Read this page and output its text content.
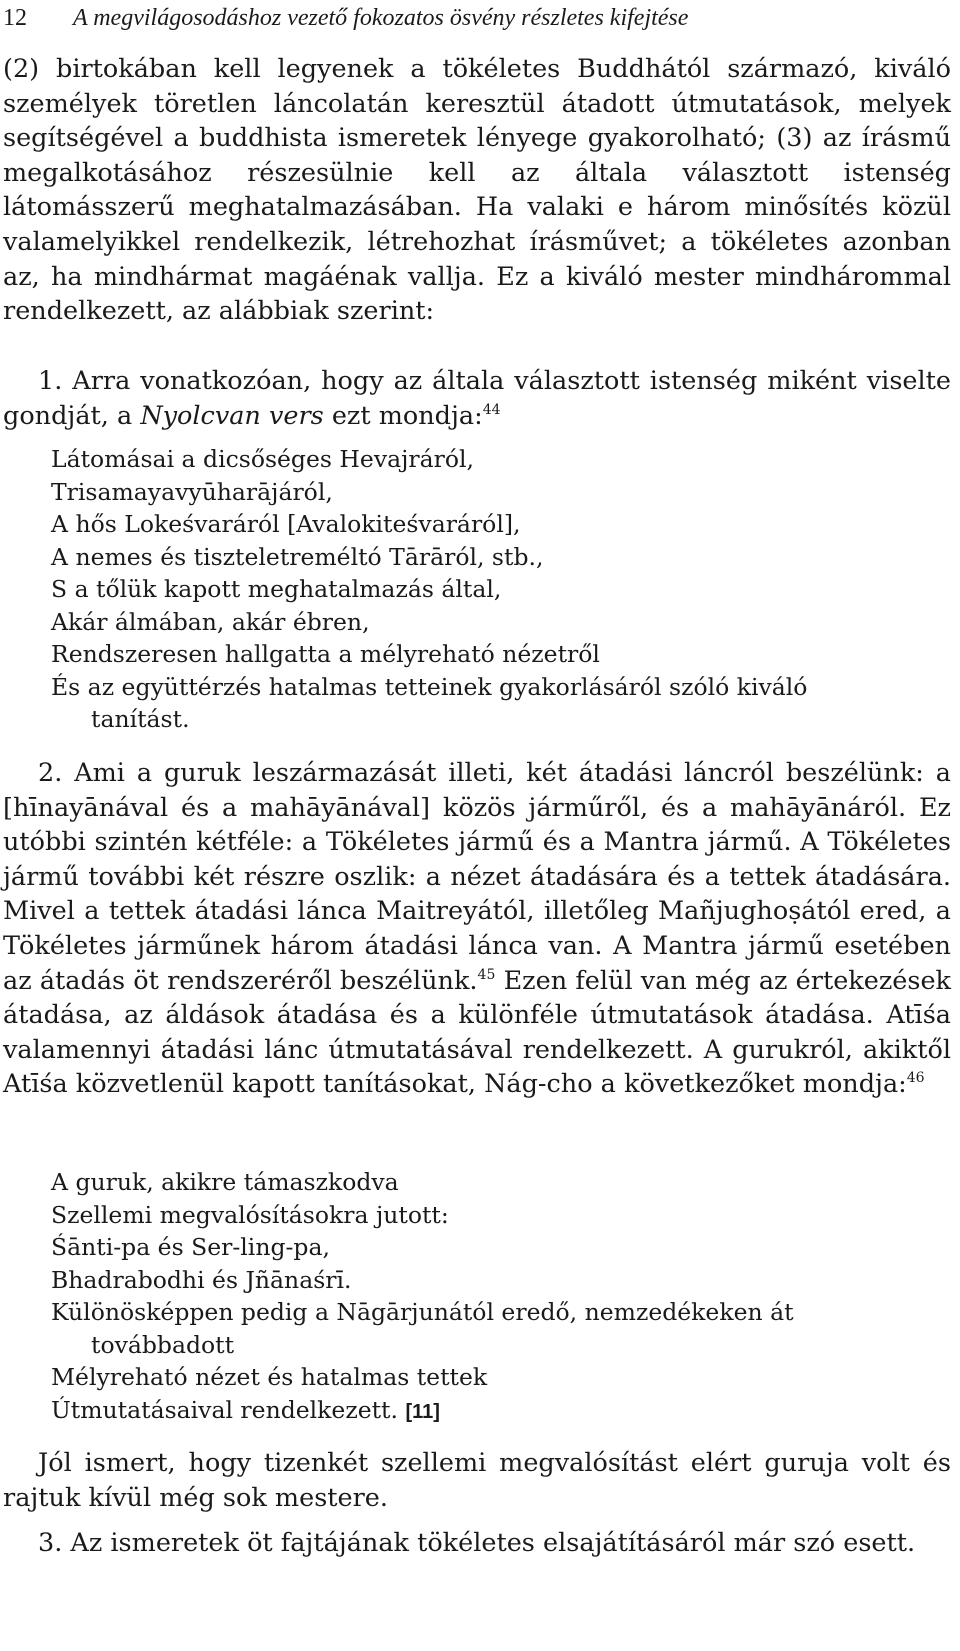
12 A megvilágosodáshoz vezető fokozatos ösvény részletes kifejtése

(2) birtokában kell legyenek a tökéletes Buddhától származó, kiváló személyek töretlen láncolatán keresztül átadott útmutatások, melyek segítségével a buddhista ismeretek lényege gyakorolható; (3) az írásmű megalkotásához részesülnie kell az általa választott istenség látomásszerű meghatalmazásában. Ha valaki e három minősítés közül valamelyikkel rendelkezik, létrehozhat írásművet; a tökéletes azonban az, ha mindhármat magáénak vallja. Ez a kiváló mester mindhárommal rendelkezett, az alábbiak szerint:

1. Arra vonatkozóan, hogy az általa választott istenség miként viselte gondját, a Nyolcvan vers ezt mondja:$^{44}$

Látomásai a dicsőséges Hevajráról,
Trisamayavyūharājáról,
A hős Lokeśvaráról [Avalokiteśvaráról],
A nemes és tiszteletreméltó Tārāról, stb.,
S a tőlük kapott meghatalmazás által,
Akár álmában, akár ébren,
Rendszeresen hallgatta a mélyreható nézetről
És az együttérzés hatalmas tetteinek gyakorlásáról szóló kiváló tanítást.

2. Ami a guruk leszármazását illeti, két átadási láncról beszélünk: a [hīnayānával és a mahāyānával] közös járműről, és a mahāyānáról. Ez utóbbi szintén kétféle: a Tökéletes jármű és a Mantra jármű. A Tökéletes jármű további két részre oszlik: a nézet átadására és a tettek átadására. Mivel a tettek átadási lánca Maitreyától, illetőleg Mañjughoṣától ered, a Tökéletes járműnek három átadási lánca van. A Mantra jármű esetében az átadás öt rendszeréről beszélünk.$^{45}$ Ezen felül van még az értekezések átadása, az áldások átadása és a különféle útmutatások átadása. Atīśa valamennyi átadási lánc útmutatásával rendelkezett. A gurukról, akiktől Atīśa közvetlenül kapott tanításokat, Nág-cho a következőket mondja:$^{46}$

A guruk, akikre támaszkodva
Szellemi megvalósításokra jutott:
Śānti-pa és Ser-ling-pa,
Bhadrabodhi és Jñānaśrī.
Különösképpen pedig a Nāgārjunától eredő, nemzedékeken át továbbadott
Mélyreható nézet és hatalmas tettek
Útmutatásaival rendelkezett. [11]

Jól ismert, hogy tizenkét szellemi megvalósítást elért guruja volt és rajtuk kívül még sok mestere.

3. Az ismeretek öt fajtájának tökéletes elsajátításáról már szó esett.
